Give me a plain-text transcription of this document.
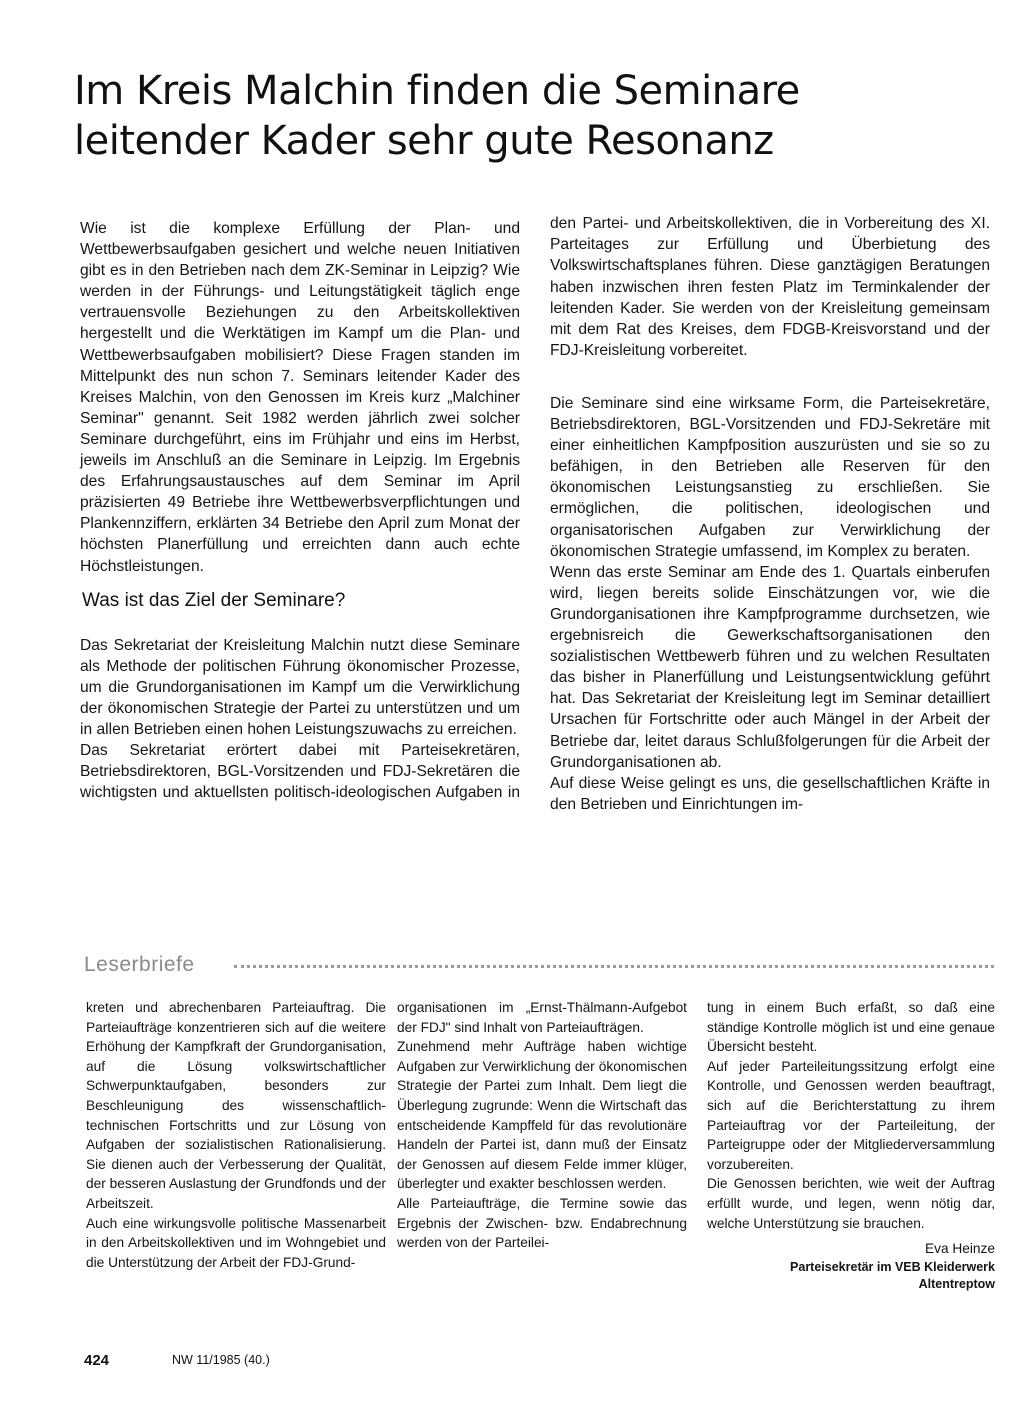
Im Kreis Malchin finden die Seminare
leitender Kader sehr gute Resonanz

Wie ist die komplexe Erfüllung der Plan- und Wettbewerbsaufgaben gesichert und welche neuen Initiativen gibt es in den Betrieben nach dem ZK-Seminar in Leipzig? Wie werden in der Führungs- und Leitungstätigkeit täglich enge vertrauensvolle Beziehungen zu den Arbeitskollektiven hergestellt und die Werktätigen im Kampf um die Plan- und Wettbewerbsaufgaben mobilisiert? Diese Fragen standen im Mittelpunkt des nun schon 7. Seminars leitender Kader des Kreises Malchin, von den Genossen im Kreis kurz „Malchiner Seminar" genannt. Seit 1982 werden jährlich zwei solcher Seminare durchgeführt, eins im Frühjahr und eins im Herbst, jeweils im Anschluß an die Seminare in Leipzig. Im Ergebnis des Erfahrungsaustausches auf dem Seminar im April präzisierten 49 Betriebe ihre Wettbewerbsverpflichtungen und Plankennziffern, erklärten 34 Betriebe den April zum Monat der höchsten Planerfüllung und erreichten dann auch echte Höchstleistungen.

Was ist das Ziel der Seminare?

Das Sekretariat der Kreisleitung Malchin nutzt diese Seminare als Methode der politischen Führung ökonomischer Prozesse, um die Grundorganisationen im Kampf um die Verwirklichung der ökonomischen Strategie der Partei zu unterstützen und um in allen Betrieben einen hohen Leistungszuwachs zu erreichen.

Das Sekretariat erörtert dabei mit Parteisekretären, Betriebsdirektoren, BGL-Vorsitzenden und FDJ-Sekretären die wichtigsten und aktuellsten politisch-ideologischen Aufgaben in

den Partei- und Arbeitskollektiven, die in Vorbereitung des XI. Parteitages zur Erfüllung und Überbietung des Volkswirtschaftsplanes führen. Diese ganztägigen Beratungen haben inzwischen ihren festen Platz im Terminkalender der leitenden Kader. Sie werden von der Kreisleitung gemeinsam mit dem Rat des Kreises, dem FDGB-Kreisvorstand und der FDJ-Kreisleitung vorbereitet.

Die Seminare sind eine wirksame Form, die Parteisekretäre, Betriebsdirektoren, BGL-Vorsitzenden und FDJ-Sekretäre mit einer einheitlichen Kampfposition auszurüsten und sie so zu befähigen, in den Betrieben alle Reserven für den ökonomischen Leistungsanstieg zu erschließen. Sie ermöglichen, die politischen, ideologischen und organisatorischen Aufgaben zur Verwirklichung der ökonomischen Strategie umfassend, im Komplex zu beraten.

Wenn das erste Seminar am Ende des 1. Quartals einberufen wird, liegen bereits solide Einschätzungen vor, wie die Grundorganisationen ihre Kampfprogramme durchsetzen, wie ergebnisreich die Gewerkschaftsorganisationen den sozialistischen Wettbewerb führen und zu welchen Resultaten das bisher in Planerfüllung und Leistungsentwicklung geführt hat. Das Sekretariat der Kreisleitung legt im Seminar detailliert Ursachen für Fortschritte oder auch Mängel in der Arbeit der Betriebe dar, leitet daraus Schlußfolgerungen für die Arbeit der Grundorganisationen ab.

Auf diese Weise gelingt es uns, die gesellschaftlichen Kräfte in den Betrieben und Einrichtungen im-

Leserbriefe

kreten und abrechenbaren Parteiauftrag. Die Parteiaufträge konzentrieren sich auf die weitere Erhöhung der Kampfkraft der Grundorganisation, auf die Lösung volkswirtschaftlicher Schwerpunktaufgaben, besonders zur Beschleunigung des wissenschaftlich-technischen Fortschritts und zur Lösung von Aufgaben der sozialistischen Rationalisierung. Sie dienen auch der Verbesserung der Qualität, der besseren Auslastung der Grundfonds und der Arbeitszeit.

Auch eine wirkungsvolle politische Massenarbeit in den Arbeitskollektiven und im Wohngebiet und die Unterstützung der Arbeit der FDJ-Grund-

organisationen im „Ernst-Thälmann-Aufgebot der FDJ" sind Inhalt von Parteiaufträgen.

Zunehmend mehr Aufträge haben wichtige Aufgaben zur Verwirklichung der ökonomischen Strategie der Partei zum Inhalt. Dem liegt die Überlegung zugrunde: Wenn die Wirtschaft das entscheidende Kampffeld für das revolutionäre Handeln der Partei ist, dann muß der Einsatz der Genossen auf diesem Felde immer klüger, überlegter und exakter beschlossen werden.

Alle Parteiaufträge, die Termine sowie das Ergebnis der Zwischen- bzw. Endabrechnung werden von der Parteilei-

tung in einem Buch erfaßt, so daß eine ständige Kontrolle möglich ist und eine genaue Übersicht besteht.

Auf jeder Parteileitungssitzung erfolgt eine Kontrolle, und Genossen werden beauftragt, sich auf die Berichterstattung zu ihrem Parteiauftrag vor der Parteileitung, der Parteigruppe oder der Mitgliederversammlung vorzubereiten.

Die Genossen berichten, wie weit der Auftrag erfüllt wurde, und legen, wenn nötig dar, welche Unterstützung sie brauchen.

Eva Heinze
Parteisekretär im VEB Kleiderwerk
Altentreptow
424	NW 11/1985 (40.)
